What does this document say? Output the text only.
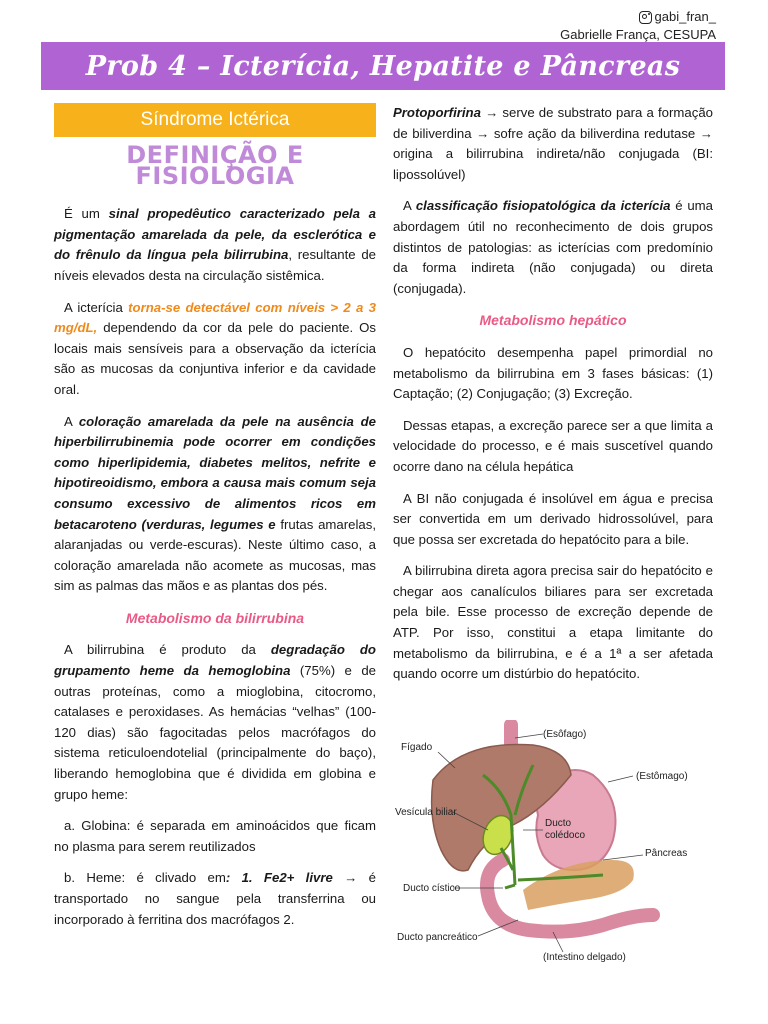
gabi_fran_
Gabrielle França, CESUPA
Prob 4 – Icterícia, Hepatite e Pâncreas
Síndrome Ictérica
DEFINIÇÃO E FISIOLOGIA

É um sinal propedêutico caracterizado pela a pigmentação amarelada da pele, da esclerótica e do frênulo da língua pela bilirrubina, resultante de níveis elevados desta na circulação sistêmica.

A icterícia torna-se detectável com níveis > 2 a 3 mg/dL, dependendo da cor da pele do paciente. Os locais mais sensíveis para a observação da icterícia são as mucosas da conjuntiva inferior e da cavidade oral.

A coloração amarelada da pele na ausência de hiperbilirrubinemia pode ocorrer em condições como hiperlipidemia, diabetes melitos, nefrite e hipotireoidismo, embora a causa mais comum seja consumo excessivo de alimentos ricos em betacaroteno (verduras, legumes e frutas amarelas, alaranjadas ou verde-escuras). Neste último caso, a coloração amarelada não acomete as mucosas, mas sim as palmas das mãos e as plantas dos pés.

Metabolismo da bilirrubina

A bilirrubina é produto da degradação do grupamento heme da hemoglobina (75%) e de outras proteínas, como a mioglobina, citocromo, catalases e peroxidases. As hemácias “velhas” (100-120 dias) são fagocitadas pelos macrófagos do sistema reticuloendotelial (principalmente do baço), liberando hemoglobina que é dividida em globina e grupo heme:

a. Globina: é separada em aminoácidos que ficam no plasma para serem reutilizados

b. Heme: é clivado em: 1. Fe2+ livre → é transportado no sangue pela transferrina ou incorporado à ferritina dos macrófagos 2.

Protoporfirina → serve de substrato para a formação de biliverdina → sofre ação da biliverdina redutase → origina a bilirrubina indireta/não conjugada (BI: lipossolúvel)

A classificação fisiopatológica da icterícia é uma abordagem útil no reconhecimento de dois grupos distintos de patologias: as icterícias com predomínio da forma indireta (não conjugada) ou direta (conjugada).

Metabolismo hepático

O hepatócito desempenha papel primordial no metabolismo da bilirrubina em 3 fases básicas: (1) Captação; (2) Conjugação; (3) Excreção.

Dessas etapas, a excreção parece ser a que limita a velocidade do processo, e é mais suscetível quando ocorre dano na célula hepática

A BI não conjugada é insolúvel em água e precisa ser convertida em um derivado hidrossolúvel, para que possa ser excretada do hepatócito para a bile.

A bilirrubina direta agora precisa sair do hepatócito e chegar aos canalículos biliares para ser excretada pela bile. Esse processo de excreção depende de ATP. Por isso, constitui a etapa limitante do metabolismo da bilirrubina, e é a 1ª a ser afetada quando ocorre um distúrbio do hepatócito.

(Esôfago)
Fígado
(Estômago)
Vesícula biliar
Ducto
colédoco
Pâncreas
Ducto cístico
Ducto pancreático
(Intestino delgado)
